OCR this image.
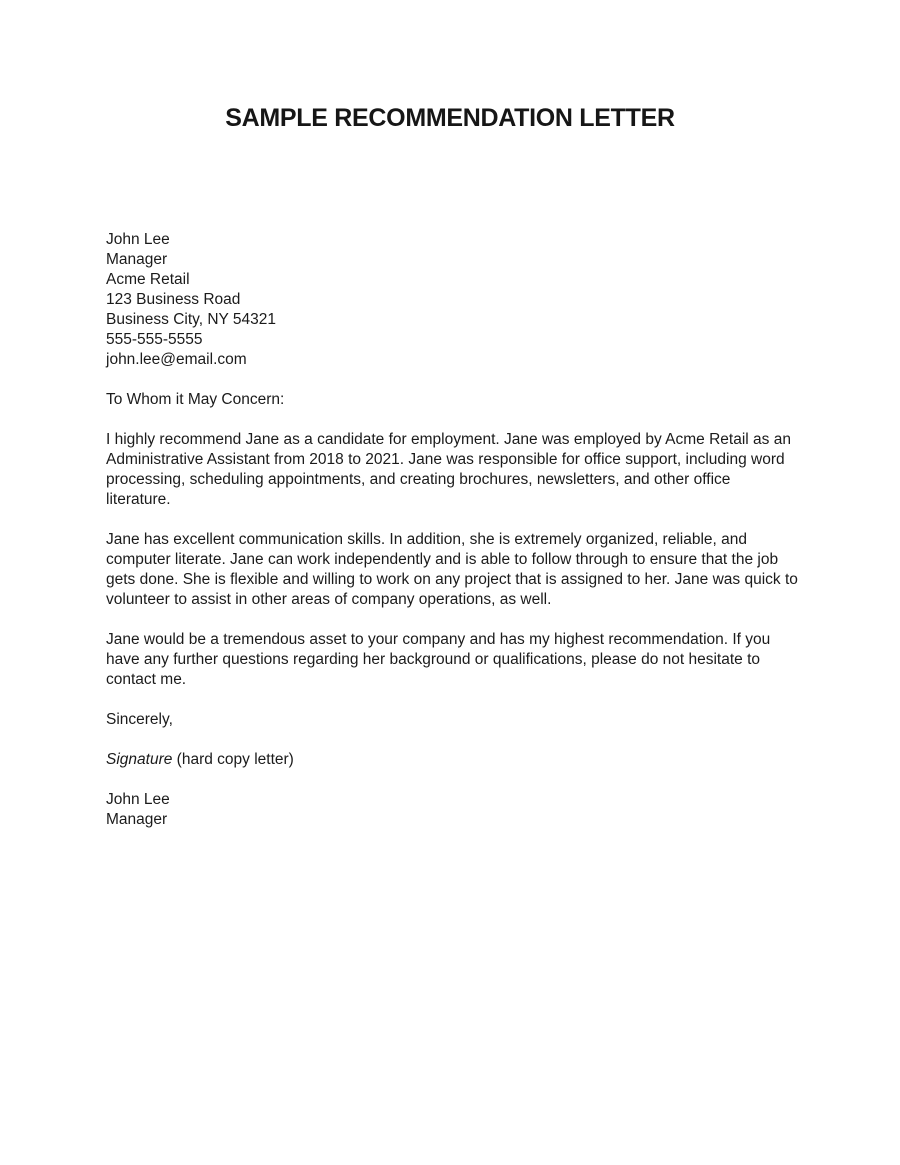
SAMPLE RECOMMENDATION LETTER
John Lee
Manager
Acme Retail
123 Business Road
Business City, NY 54321
555-555-5555
john.lee@email.com

To Whom it May Concern:

I highly recommend Jane as a candidate for employment. Jane was employed by Acme Retail as an Administrative Assistant from 2018 to 2021. Jane was responsible for office support, including word processing, scheduling appointments, and creating brochures, newsletters, and other office literature.

Jane has excellent communication skills. In addition, she is extremely organized, reliable, and computer literate. Jane can work independently and is able to follow through to ensure that the job gets done. She is flexible and willing to work on any project that is assigned to her. Jane was quick to volunteer to assist in other areas of company operations, as well.

Jane would be a tremendous asset to your company and has my highest recommendation. If you have any further questions regarding her background or qualifications, please do not hesitate to contact me.

Sincerely,

Signature (hard copy letter)

John Lee
Manager
